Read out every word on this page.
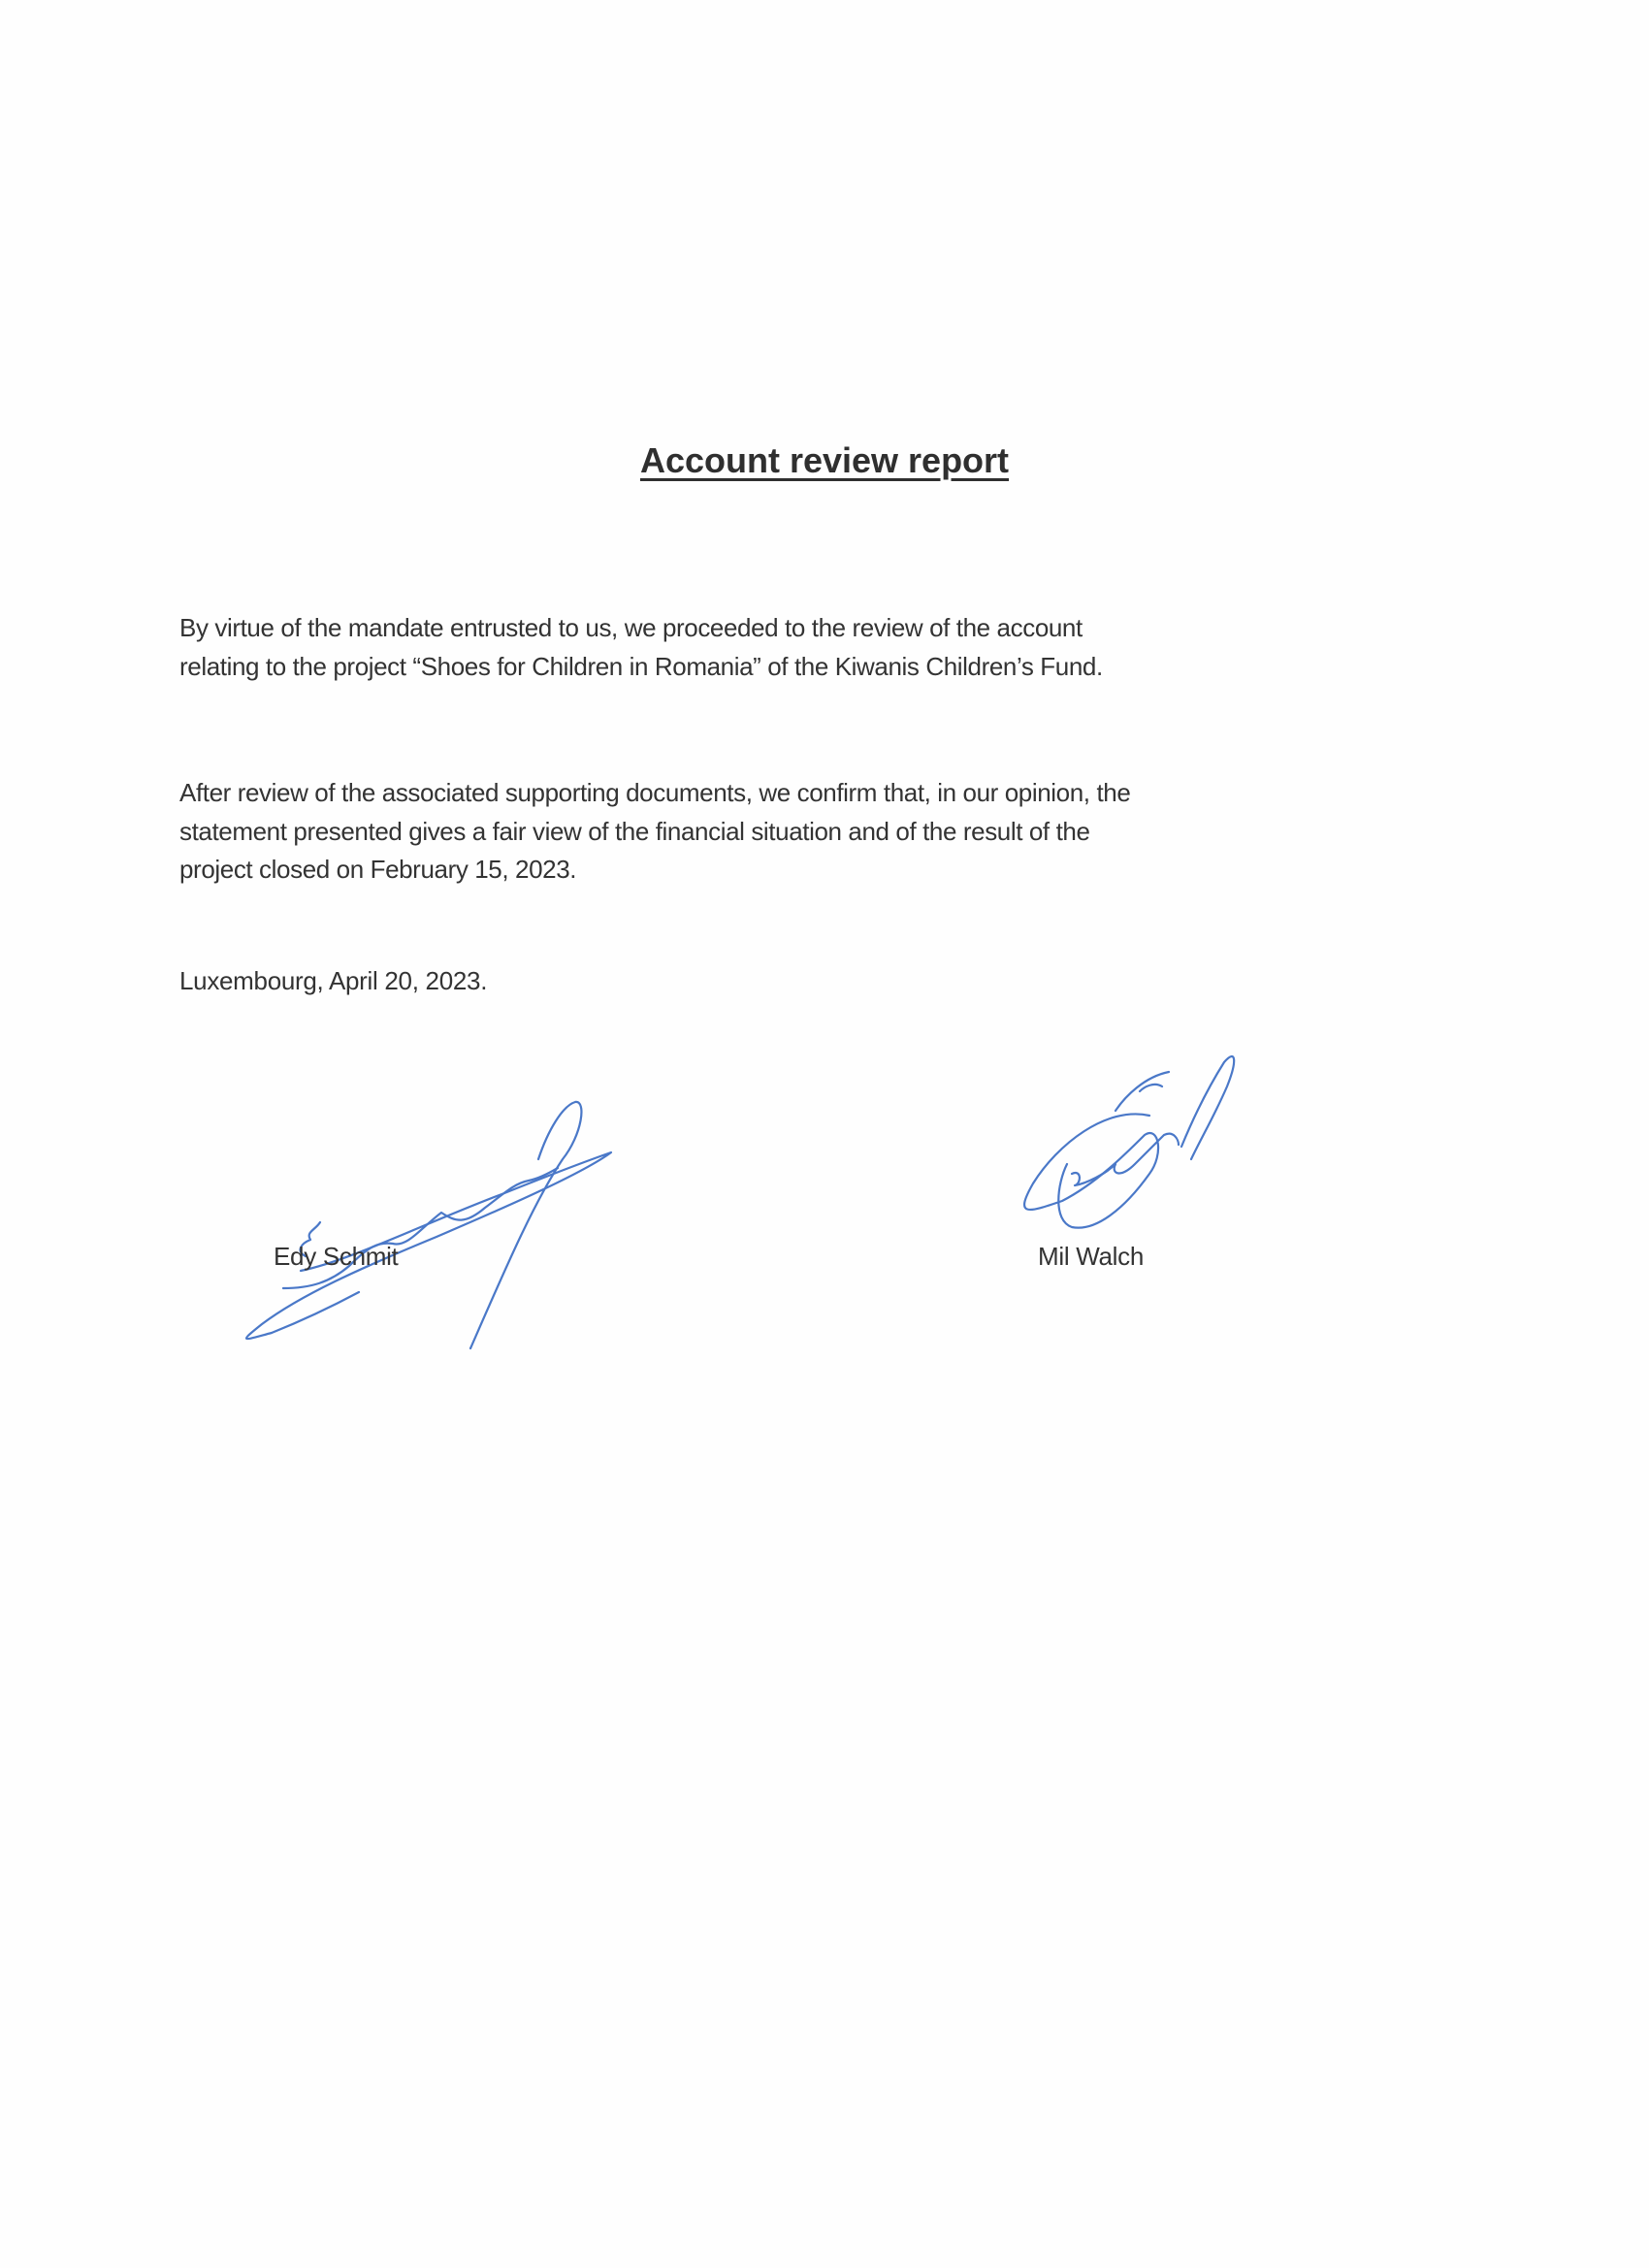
Account review report

By virtue of the mandate entrusted to us, we proceeded to the review of the account
relating to the project “Shoes for Children in Romania” of the Kiwanis Children’s Fund.

After review of the associated supporting documents, we confirm that, in our opinion, the
statement presented gives a fair view of the financial situation and of the result of the
project closed on February 15, 2023.

Luxembourg, April 20, 2023.

Edy Schmit	Mil Walch
